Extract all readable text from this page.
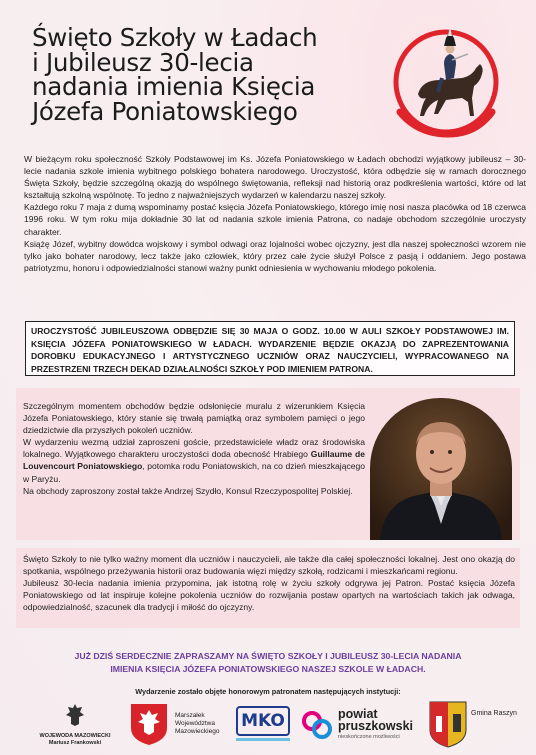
Święto Szkoły w Ładach
i Jubileusz 30-lecia
nadania imienia Księcia
Józefa Poniatowskiego

W bieżącym roku społeczność Szkoły Podstawowej im Ks. Józefa Poniatowskiego w Ładach obchodzi wyjątkowy jubileusz – 30-lecie nadania szkole imienia wybitnego polskiego bohatera narodowego. Uroczystość, która odbędzie się w ramach dorocznego Święta Szkoły, będzie szczególną okazją do wspólnego świętowania, refleksji nad historią oraz podkreślenia wartości, które od lat kształtują szkolną wspólnotę. To jedno z najważniejszych wydarzeń w kalendarzu naszej szkoły.

Każdego roku 7 maja z dumą wspominamy postać księcia Józefa Poniatowskiego, którego imię nosi nasza placówka od 18 czerwca 1996 roku. W tym roku mija dokładnie 30 lat od nadania szkole imienia Patrona, co nadaje obchodom szczególnie uroczysty charakter.

Książę Józef, wybitny dowódca wojskowy i symbol odwagi oraz lojalności wobec ojczyzny, jest dla naszej społeczności wzorem nie tylko jako bohater narodowy, lecz także jako człowiek, który przez całe życie służył Polsce z pasją i oddaniem. Jego postawa patriotyzmu, honoru i odpowiedzialności stanowi ważny punkt odniesienia w wychowaniu młodego pokolenia.

UROCZYSTOŚĆ JUBILEUSZOWA ODBĘDZIE SIĘ 30 MAJA O GODZ. 10.00 W AULI SZKOŁY PODSTAWOWEJ IM. KSIĘCIA JÓZEFA PONIATOWSKIEGO W ŁADACH. WYDARZENIE BĘDZIE OKAZJĄ DO ZAPREZENTOWANIA DOROBKU EDUKACYJNEGO I ARTYSTYCZNEGO UCZNIÓW ORAZ NAUCZYCIELI, WYPRACOWANEGO NA PRZESTRZENI TRZECH DEKAD DZIAŁALNOŚCI SZKOŁY POD IMIENIEM PATRONA.

Szczególnym momentem obchodów będzie odsłonięcie muralu z wizerunkiem Księcia Józefa Poniatowskiego, który stanie się trwałą pamiątką oraz symbolem pamięci o jego dziedzictwie dla przyszłych pokoleń uczniów.

W wydarzeniu wezmą udział zaproszeni goście, przedstawiciele władz oraz środowiska lokalnego. Wyjątkowego charakteru uroczystości doda obecność Hrabiego Guillaume de Louvencourt Poniatowskiego, potomka rodu Poniatowskich, na co dzień mieszkającego w Paryżu.

Na obchody zaproszony został także Andrzej Szydło, Konsul Rzeczypospolitej Polskiej.

Święto Szkoły to nie tylko ważny moment dla uczniów i nauczycieli, ale także dla całej społeczności lokalnej. Jest ono okazją do spotkania, wspólnego przeżywania historii oraz budowania więzi między szkołą, rodzicami i mieszkańcami regionu.

Jubileusz 30-lecia nadania imienia przypomina, jak istotną rolę w życiu szkoły odgrywa jej Patron. Postać księcia Józefa Poniatowskiego od lat inspiruje kolejne pokolenia uczniów do rozwijania postaw opartych na wartościach takich jak odwaga, odpowiedzialność, szacunek dla tradycji i miłość do ojczyzny.

JUŻ DZIŚ SERDECZNIE ZAPRASZAMY NA ŚWIĘTO SZKOŁY I JUBILEUSZ 30-LECIA NADANIA
IMIENIA KSIĘCIA JÓZEFA PONIATOWSKIEGO NASZEJ SZKOLE W ŁADACH.
Wydarzenie zostało objęte honorowym patronatem następujących instytucji:
WOJEWODA MAZOWIECKI
Mariusz Frankowski
Marszałek
Województwa
Mazowieckiego
MKO	powiat
pruszkowski
nieskończone możliwości
Gmina Raszyn
